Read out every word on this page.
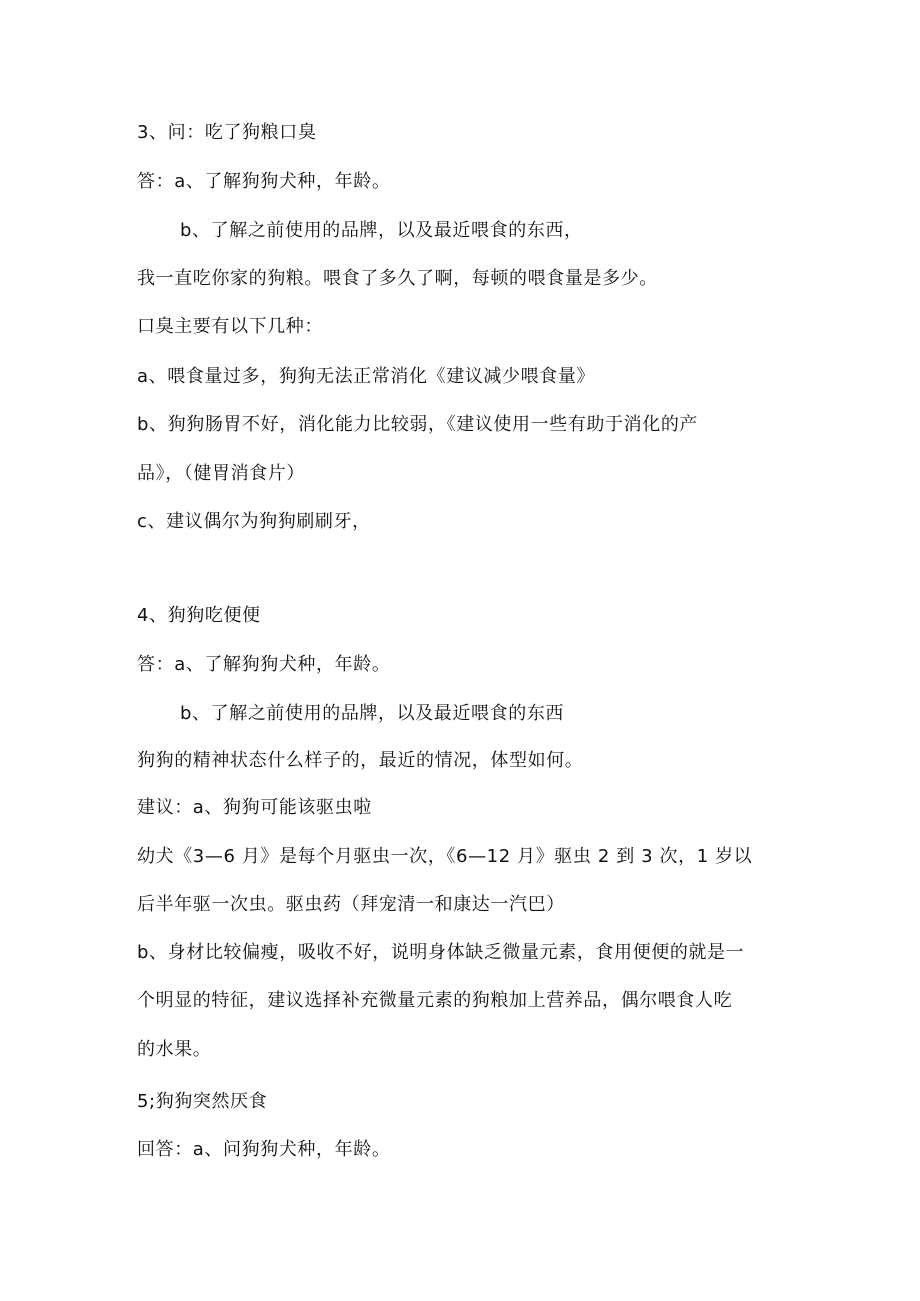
3、问：吃了狗粮口臭
答：a、了解狗狗犬种，年龄。
b、了解之前使用的品牌，以及最近喂食的东西，
我一直吃你家的狗粮。喂食了多久了啊，每顿的喂食量是多少。
口臭主要有以下几种：
a、喂食量过多，狗狗无法正常消化《建议减少喂食量》
b、狗狗肠胃不好，消化能力比较弱，《建议使用一些有助于消化的产
品》，（健胃消食片）
c、建议偶尔为狗狗刷刷牙，
4、狗狗吃便便
答：a、了解狗狗犬种，年龄。
b、了解之前使用的品牌，以及最近喂食的东西
狗狗的精神状态什么样子的，最近的情况，体型如何。
建议：a、狗狗可能该驱虫啦
幼犬《3—6 月》是每个月驱虫一次，《6—12 月》驱虫 2 到 3 次，1 岁以
后半年驱一次虫。驱虫药（拜宠清一和康达一汽巴）
b、身材比较偏瘦，吸收不好，说明身体缺乏微量元素，食用便便的就是一
个明显的特征，建议选择补充微量元素的狗粮加上营养品，偶尔喂食人吃
的水果。
5;狗狗突然厌食
回答：a、问狗狗犬种，年龄。
